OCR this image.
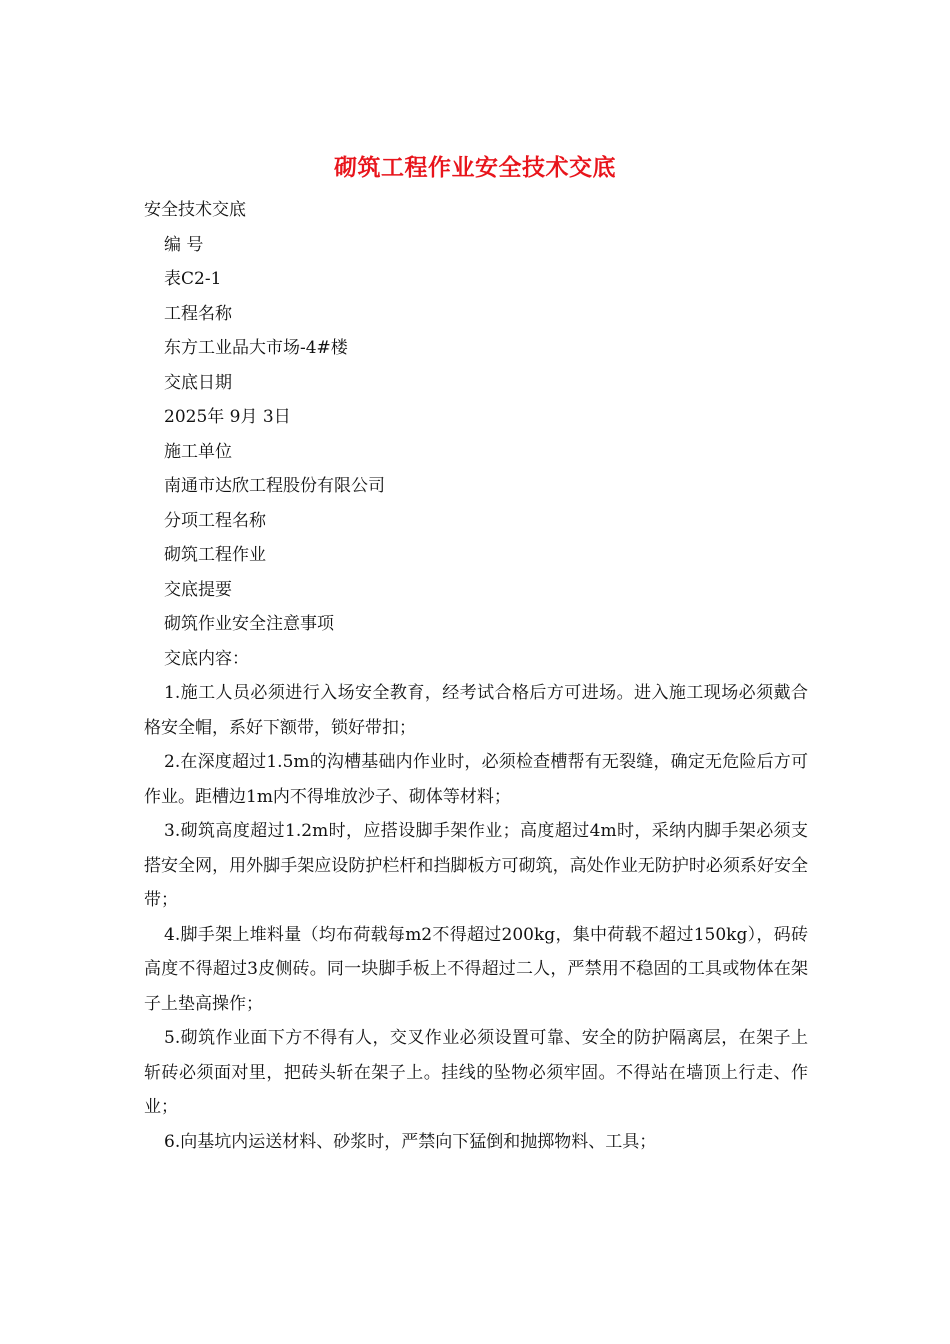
砌筑工程作业安全技术交底
安全技术交底
编 号
表C2-1
工程名称
东方工业品大市场-4#楼
交底日期
2025年 9月 3日
施工单位
南通市达欣工程股份有限公司
分项工程名称
砌筑工程作业
交底提要
砌筑作业安全注意事项
交底内容：
1.施工人员必须进行入场安全教育，经考试合格后方可进场。进入施工现场必须戴合格安全帽，系好下额带，锁好带扣；
2.在深度超过1.5m的沟槽基础内作业时，必须检查槽帮有无裂缝，确定无危险后方可作业。距槽边1m内不得堆放沙子、砌体等材料；
3.砌筑高度超过1.2m时，应搭设脚手架作业；高度超过4m时，采纳内脚手架必须支搭安全网，用外脚手架应设防护栏杆和挡脚板方可砌筑，高处作业无防护时必须系好安全带；
4.脚手架上堆料量（均布荷载每m2不得超过200kg，集中荷载不超过150kg），码砖高度不得超过3皮侧砖。同一块脚手板上不得超过二人，严禁用不稳固的工具或物体在架子上垫高操作；
5.砌筑作业面下方不得有人，交叉作业必须设置可靠、安全的防护隔离层，在架子上斩砖必须面对里，把砖头斩在架子上。挂线的坠物必须牢固。不得站在墙顶上行走、作业；
6.向基坑内运送材料、砂浆时，严禁向下猛倒和抛掷物料、工具；
